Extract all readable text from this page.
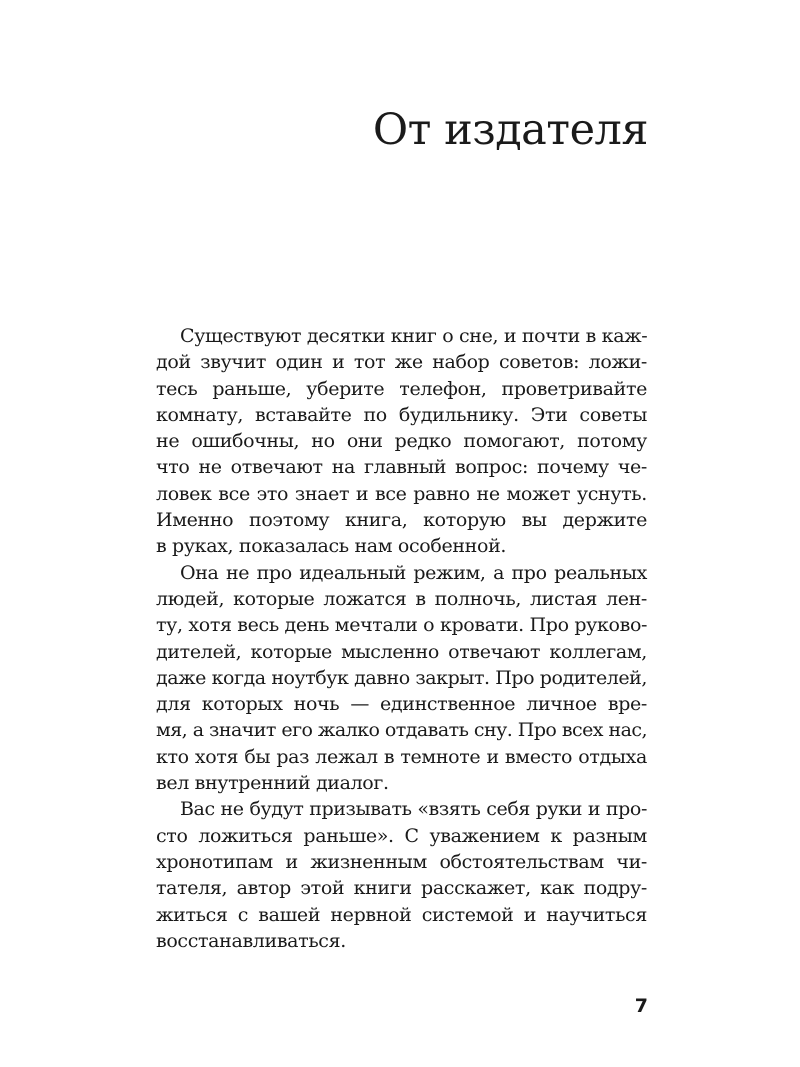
От издателя
Существуют десятки книг о сне, и почти в каж-
дой звучит один и тот же набор советов: ложи-
тесь раньше, уберите телефон, проветривайте
комнату, вставайте по будильнику. Эти советы
не ошибочны, но они редко помогают, потому
что не отвечают на главный вопрос: почему че-
ловек все это знает и все равно не может уснуть.
Именно поэтому книга, которую вы держите
в руках, показалась нам особенной.
Она не про идеальный режим, а про реальных
людей, которые ложатся в полночь, листая лен-
ту, хотя весь день мечтали о кровати. Про руково-
дителей, которые мысленно отвечают коллегам,
даже когда ноутбук давно закрыт. Про родителей,
для которых ночь — единственное личное вре-
мя, а значит его жалко отдавать сну. Про всех нас,
кто хотя бы раз лежал в темноте и вместо отдыха
вел внутренний диалог.
Вас не будут призывать «взять себя руки и про-
сто ложиться раньше». С уважением к разным
хронотипам и жизненным обстоятельствам чи-
тателя, автор этой книги расскажет, как подру-
житься с вашей нервной системой и научиться
восстанавливаться.
7
